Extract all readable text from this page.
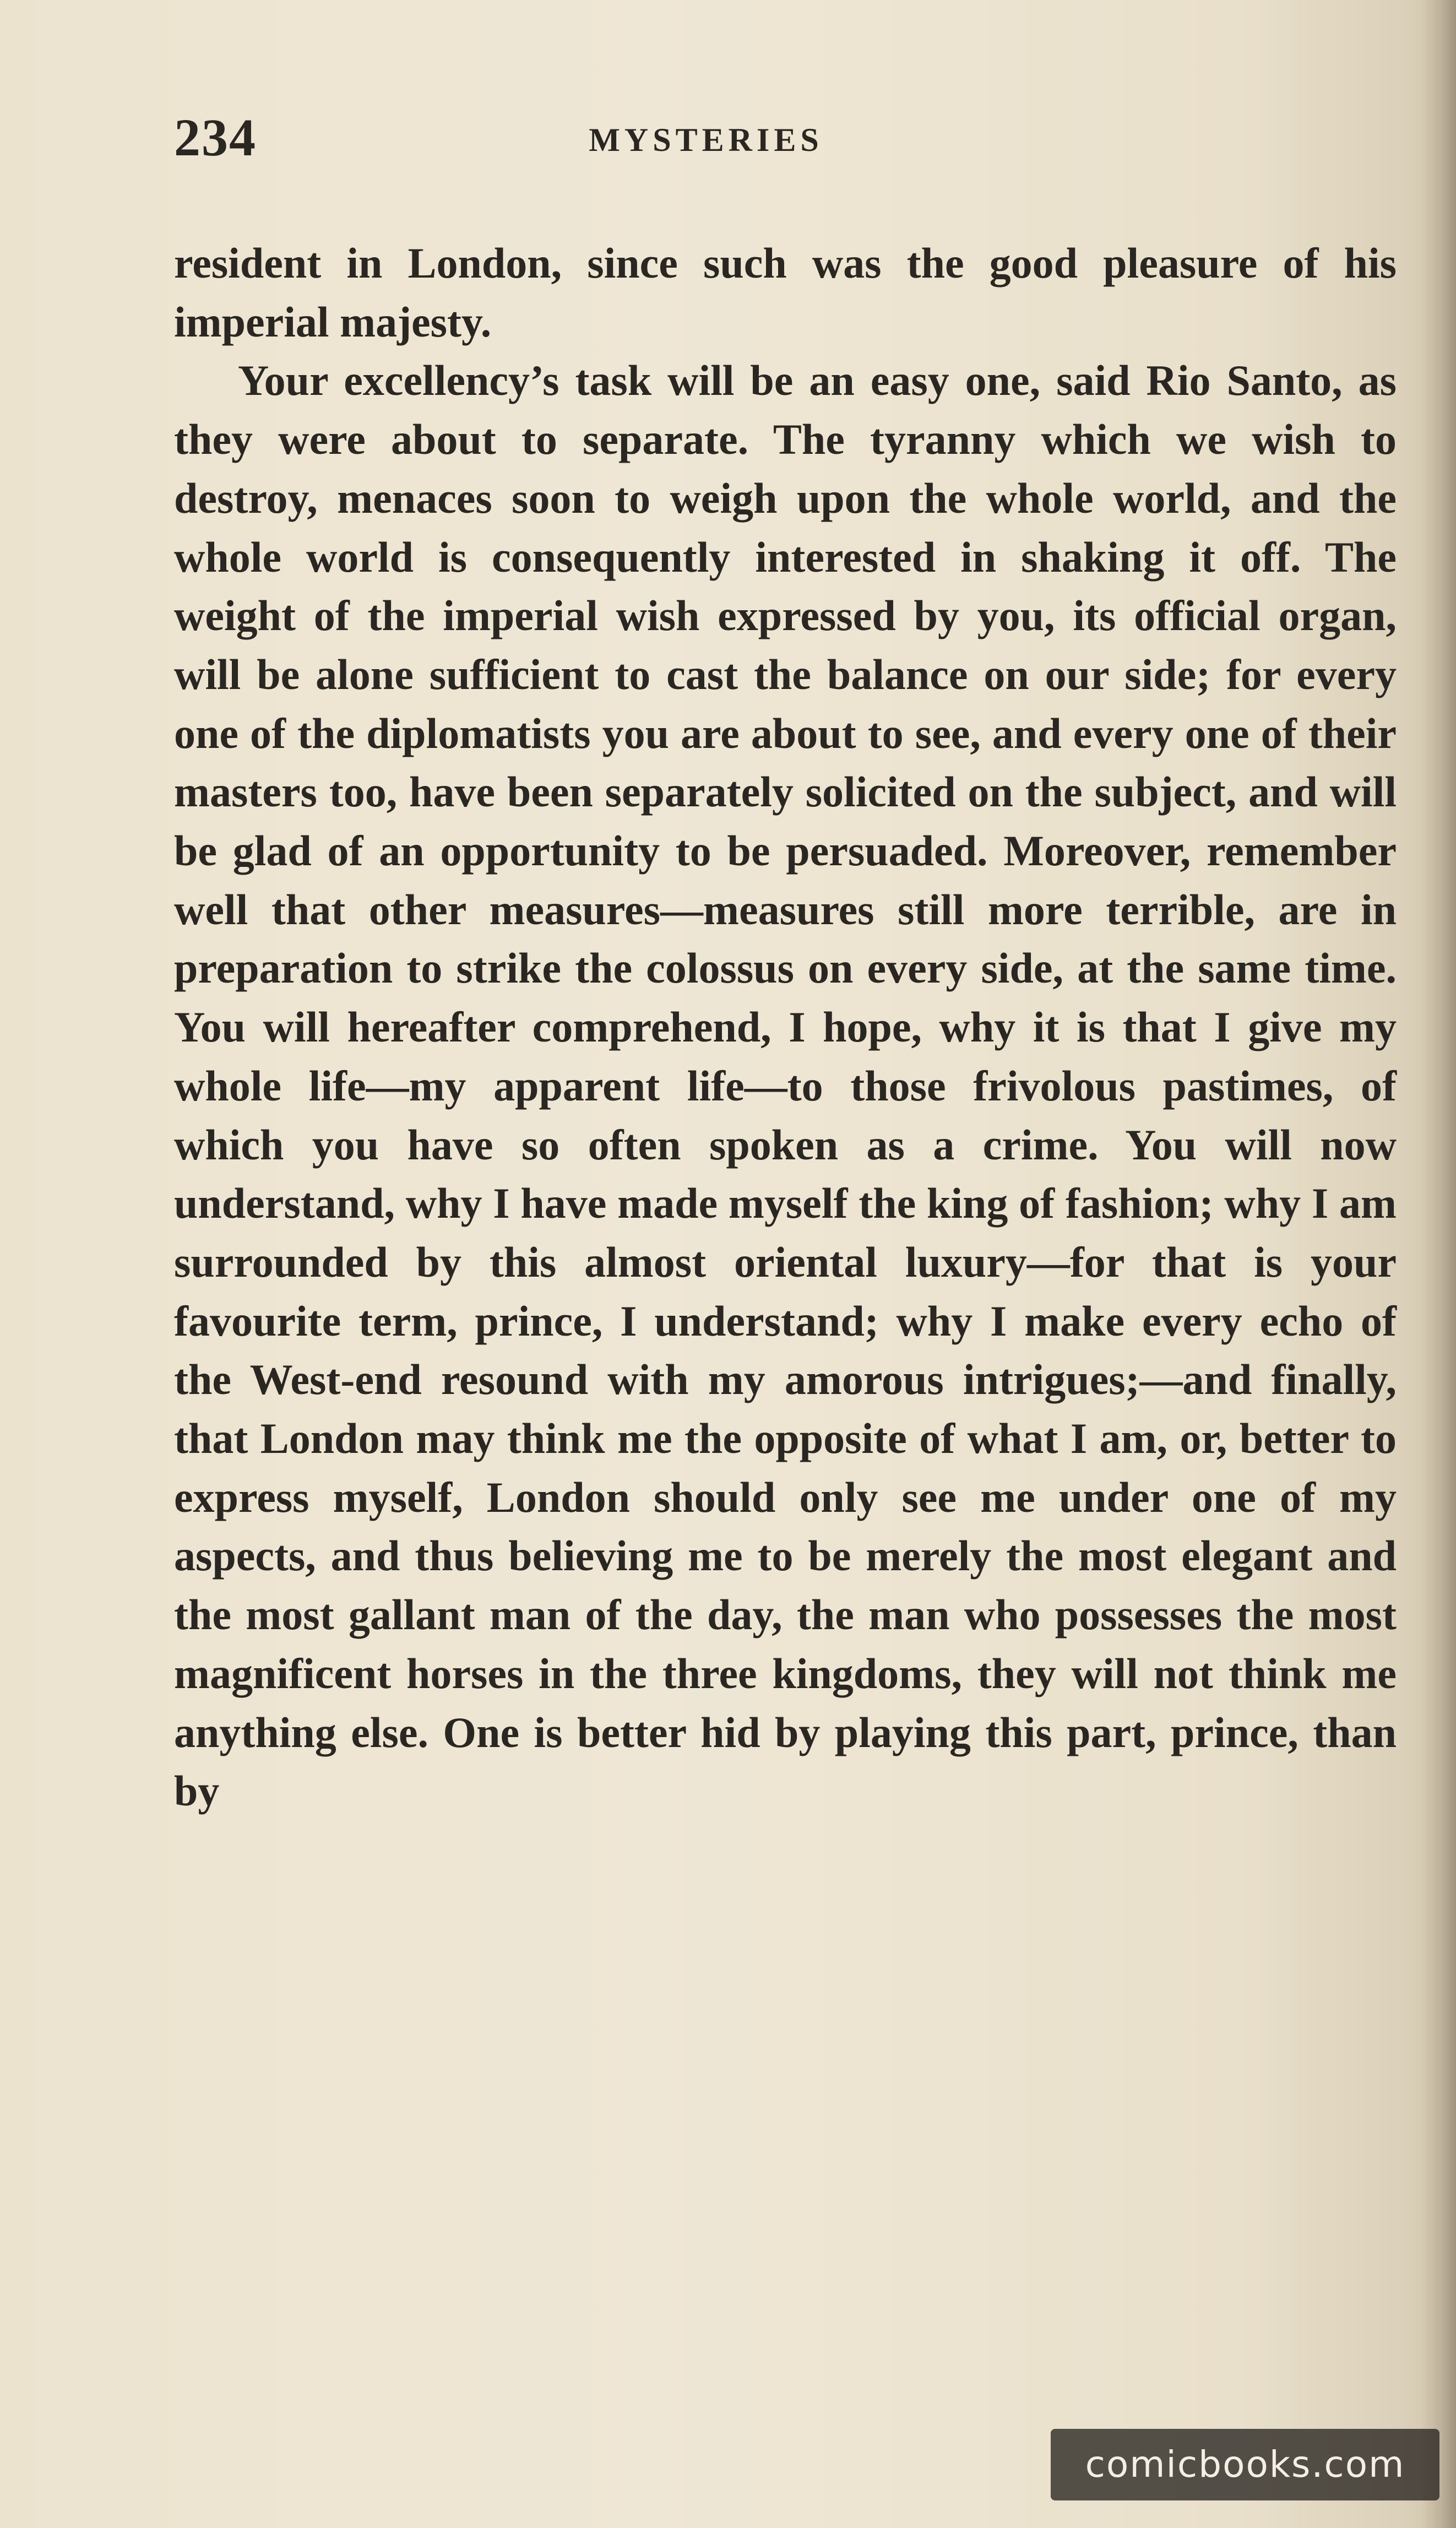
234	MYSTERIES

resident in London, since such was the good pleasure of his imperial majesty.

Your excellency’s task will be an easy one, said Rio Santo, as they were about to separate. The tyranny which we wish to destroy, menaces soon to weigh upon the whole world, and the whole world is consequently interested in shaking it off. The weight of the imperial wish expressed by you, its official organ, will be alone sufficient to cast the balance on our side; for every one of the diplomatists you are about to see, and every one of their masters too, have been separately solicited on the subject, and will be glad of an opportunity to be persuaded. Moreover, remember well that other measures—measures still more terrible, are in preparation to strike the colossus on every side, at the same time. You will hereafter comprehend, I hope, why it is that I give my whole life—my apparent life—to those frivolous pastimes, of which you have so often spoken as a crime. You will now understand, why I have made myself the king of fashion; why I am surrounded by this almost oriental luxury—for that is your favourite term, prince, I understand; why I make every echo of the West-end resound with my amorous intrigues;—and finally, that London may think me the opposite of what I am, or, better to express myself, London should only see me under one of my aspects, and thus believing me to be merely the most elegant and the most gallant man of the day, the man who possesses the most magnificent horses in the three kingdoms, they will not think me anything else. One is better hid by playing this part, prince, than by

comicbooks.com
